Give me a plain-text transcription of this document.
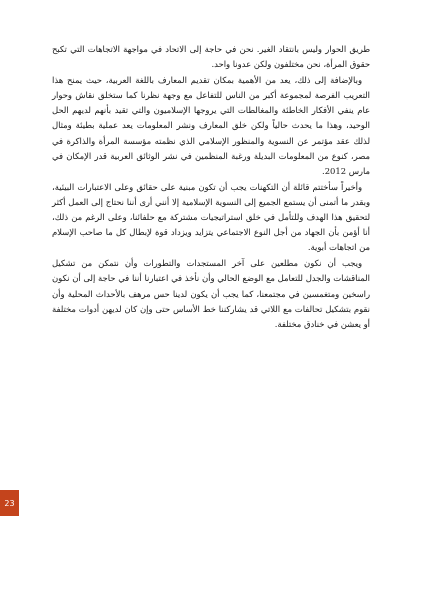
طريق الحوار وليس بانتقاد الغير. نحن في حاجة إلى الاتحاد في مواجهة الاتجاهات التي تكبح حقوق المرأة، نحن مختلفون ولكن عدونا واحد.

وبالإضافة إلى ذلك، يعد من الأهمية بمكان تقديم المعارف باللغة العربية، حيث يمنح هذا التعريب الفرصة لمجموعة أكبر من الناس للتفاعل مع وجهة نظرنا كما ستخلق نقاش وحوار عام ينفي الأفكار الخاطئة والمغالطات التي يروجها الإسلاميون والتي تقيد بأنهم لديهم الحل الوحيد، وهذا ما يحدث حالياً ولكن خلق المعارف ونشر المعلومات يعد عملية بطيئة ومثال لذلك عقد مؤتمر عن النسوية والمنظور الإسلامي الذي نظمته مؤسسة المرأة والذاكرة في مصر، كنوع من المعلومات البديلة ورغبة المنظمين في نشر الوثائق العربية قدر الإمكان في مارس 2012.

وأخيراً سأختتم قائلة أن التكهنات يجب أن تكون مبنية على حقائق وعلى الاعتبارات البيئية، وبقدر ما أتمنى أن يستمع الجميع إلى النسوية الإسلامية إلا أنني أرى أننا نحتاج إلى العمل أكثر لتحقيق هذا الهدف وللتأمل في خلق استراتيجيات مشتركة مع حلفائنا، وعلى الرغم من ذلك، أنا أؤمن بأن الجهاد من أجل النوع الاجتماعي يتزايد ويزداد قوة لإبطال كل ما صاحب الإسلام من اتجاهات أبوية.

ويجب أن نكون مطلعين على آخر المستجدات والتطورات وأن نتمكن من تشكيل المناقشات والجدل للتعامل مع الوضع الحالي وأن نأخذ في اعتبارنا أننا في حاجة إلى أن نكون راسخين ومتغمسين في مجتمعنا، كما يجب أن يكون لدينا حس مرهف بالأحداث المحلية وأن نقوم بتشكيل تحالفات مع اللاتي قد يشاركننا خط الأساس حتى وإن كان لديهن أدوات مختلفة أو يعشن في خنادق مختلفة.

23
